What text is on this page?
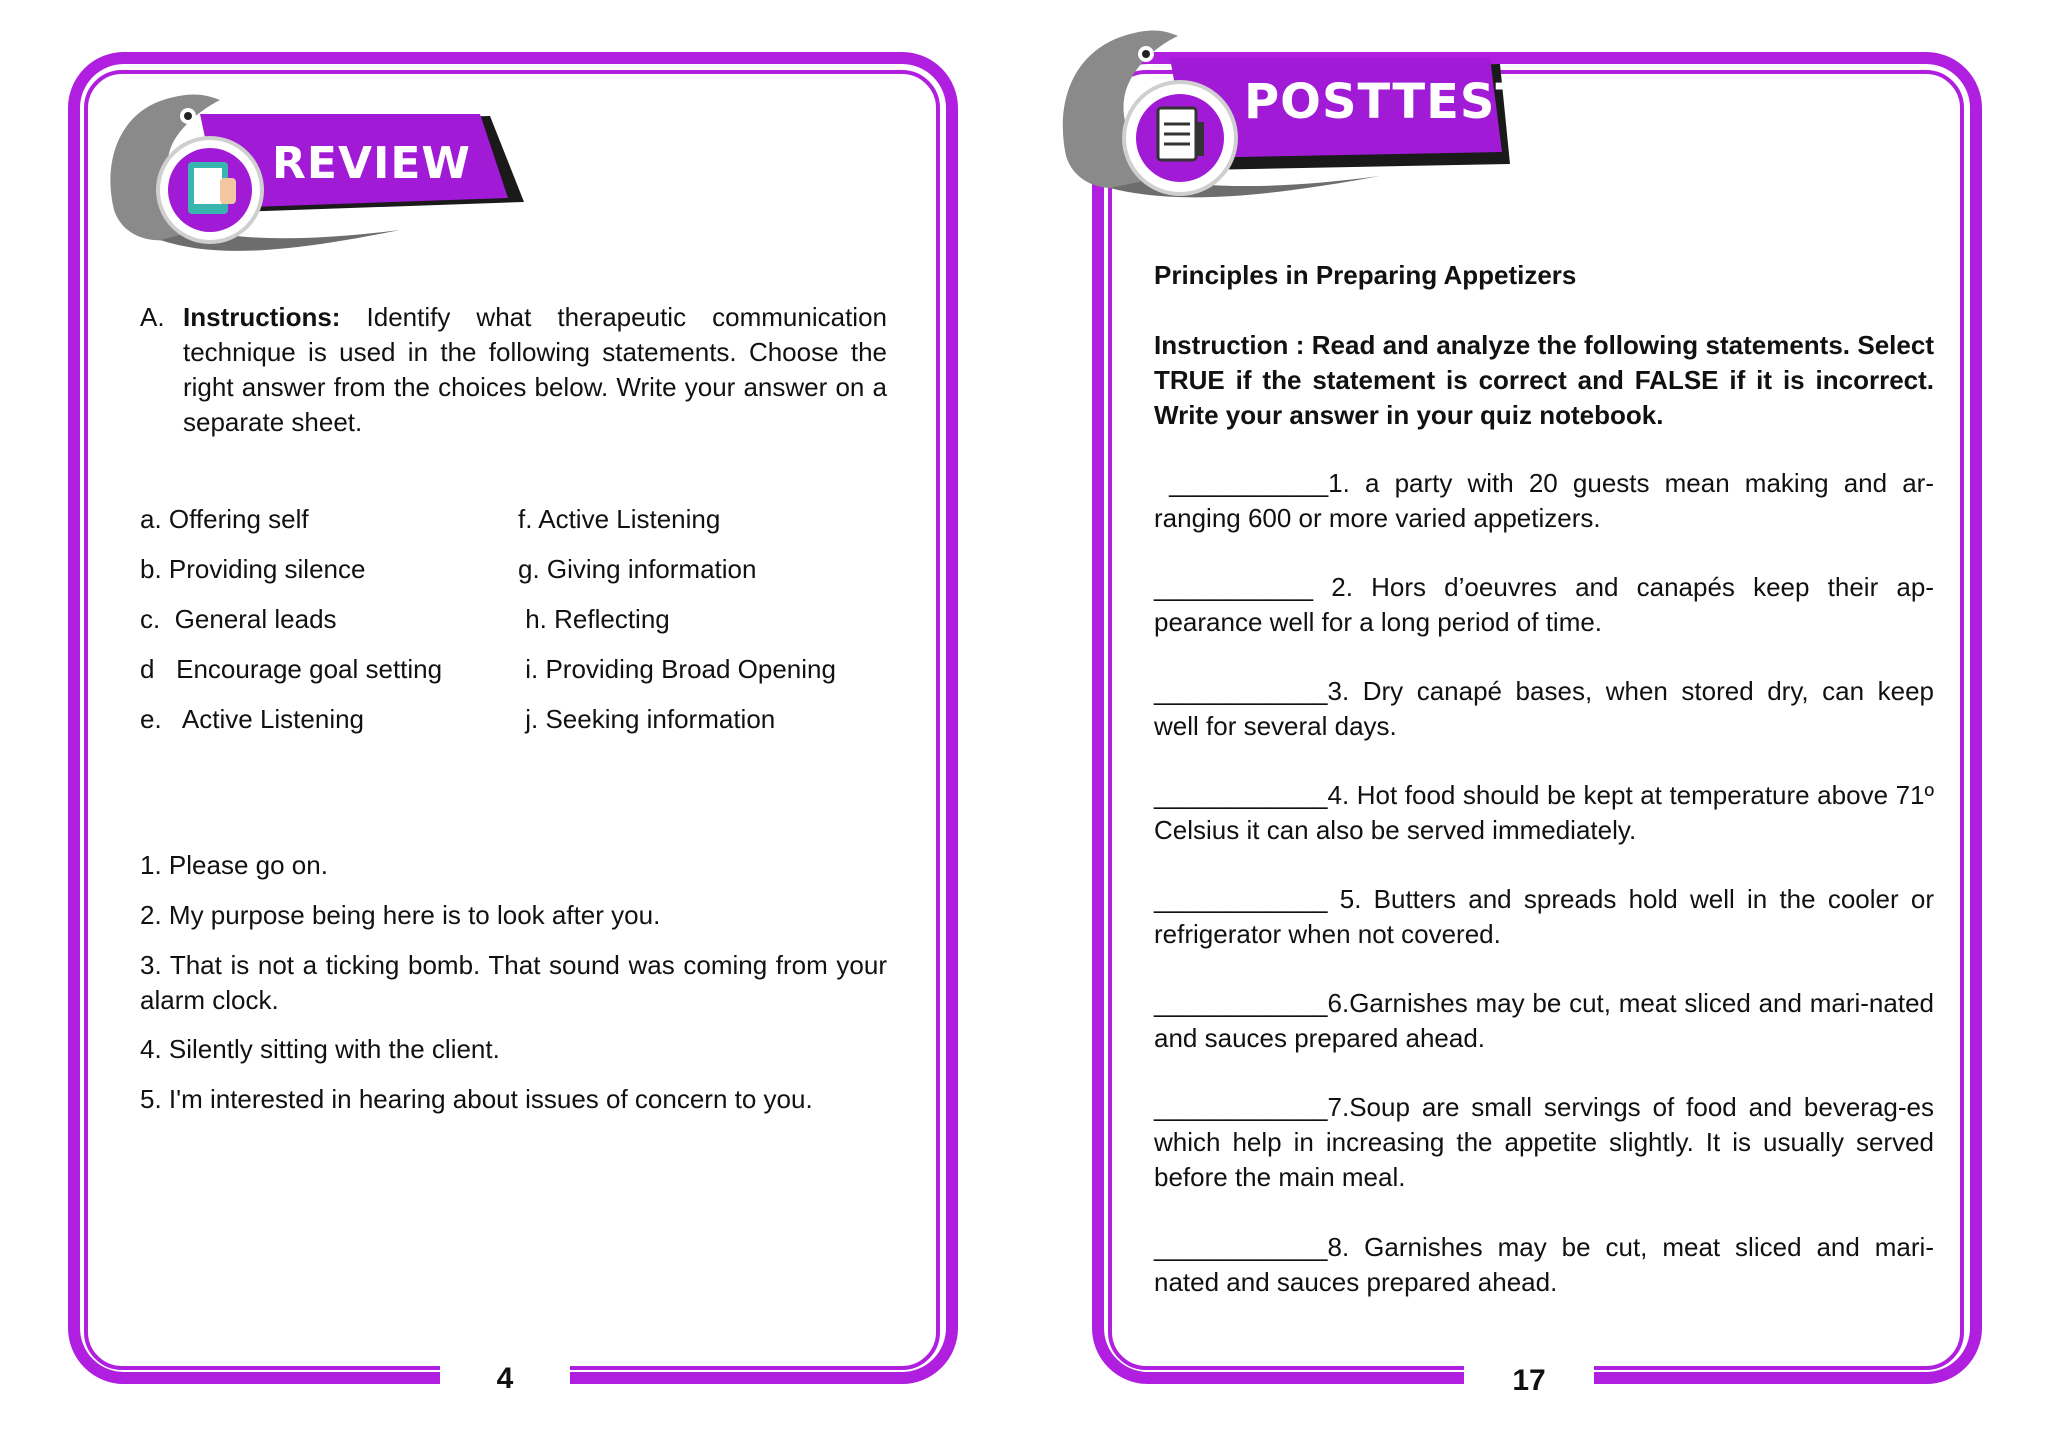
4
REVIEW
A. Instructions: Identify what therapeutic communication technique is used in the following statements. Choose the right answer from the choices below. Write your answer on a separate sheet.
a. Offering self
b. Providing silence
c.  General leads
d   Encourage goal setting
e.   Active Listening
f. Active Listening
g. Giving information
h. Reflecting
i. Providing Broad Opening
j. Seeking information
1. Please go on.
2. My purpose being here is to look after you.
3. That is not a ticking bomb. That sound was coming from your alarm clock.
4. Silently sitting with the client.
5. I'm interested in hearing about issues of concern to you.
17
POSTTEST
Principles in Preparing Appetizers
Instruction : Read and analyze the following statements. Select TRUE if the statement is correct and FALSE if it is incorrect. Write your answer in your quiz notebook.
___________1. a party with 20 guests mean making and ar-ranging 600 or more varied appetizers.
___________ 2. Hors d’oeuvres and canapés keep their ap-pearance well for a long period of time.
____________3. Dry canapé bases, when stored dry, can keep well for several days.
____________4. Hot food should be kept at temperature above 71º Celsius it can also be served immediately.
____________ 5. Butters and spreads hold well in the cooler or refrigerator when not covered.
____________6.Garnishes may be cut, meat sliced and mari-nated and sauces prepared ahead.
____________7.Soup are small servings of food and beverag-es which help in increasing the appetite slightly. It is usually served before the main meal.
____________8. Garnishes may be cut, meat sliced and mari-nated and sauces prepared ahead.
